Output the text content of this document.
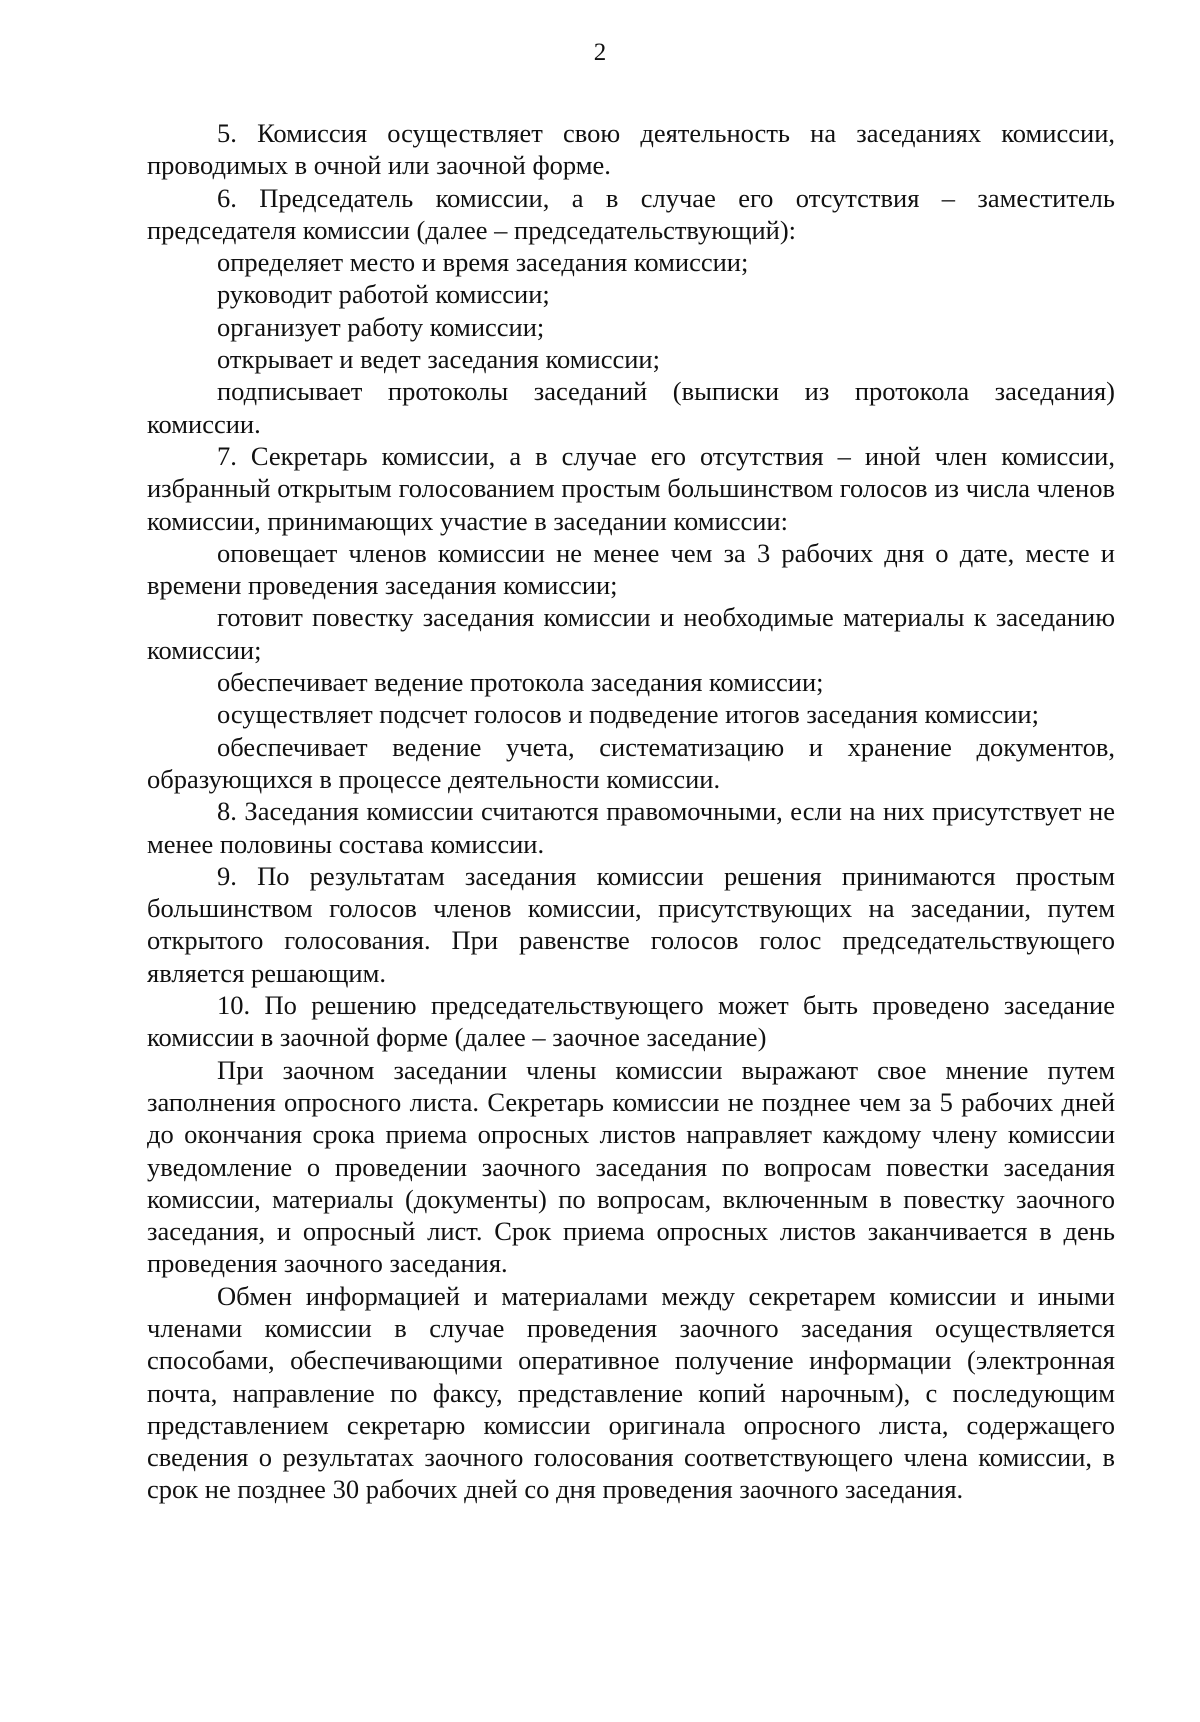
2

5. Комиссия осуществляет свою деятельность на заседаниях комиссии, проводимых в очной или заочной форме.

6. Председатель комиссии, а в случае его отсутствия – заместитель председателя комиссии (далее – председательствующий):

определяет место и время заседания комиссии;

руководит работой комиссии;

организует работу комиссии;

открывает и ведет заседания комиссии;

подписывает протоколы заседаний (выписки из протокола заседания) комиссии.

7. Секретарь комиссии, а в случае его отсутствия – иной член комиссии, избранный открытым голосованием простым большинством голосов из числа членов комиссии, принимающих участие в заседании комиссии:

оповещает членов комиссии не менее чем за 3 рабочих дня о дате, месте и времени проведения заседания комиссии;

готовит повестку заседания комиссии и необходимые материалы к заседанию комиссии;

обеспечивает ведение протокола заседания комиссии;

осуществляет подсчет голосов и подведение итогов заседания комиссии;

обеспечивает ведение учета, систематизацию и хранение документов, образующихся в процессе деятельности комиссии.

8. Заседания комиссии считаются правомочными, если на них присутствует не менее половины состава комиссии.

9. По результатам заседания комиссии решения принимаются простым большинством голосов членов комиссии, присутствующих на заседании, путем открытого голосования. При равенстве голосов голос председательствующего является решающим.

10. По решению председательствующего может быть проведено заседание комиссии в заочной форме (далее – заочное заседание)

При заочном заседании члены комиссии выражают свое мнение путем заполнения опросного листа. Секретарь комиссии не позднее чем за 5 рабочих дней до окончания срока приема опросных листов направляет каждому члену комиссии уведомление о проведении заочного заседания по вопросам повестки заседания комиссии, материалы (документы) по вопросам, включенным в повестку заочного заседания, и опросный лист. Срок приема опросных листов заканчивается в день проведения заочного заседания.

Обмен информацией и материалами между секретарем комиссии и иными членами комиссии в случае проведения заочного заседания осуществляется способами, обеспечивающими оперативное получение информации (электронная почта, направление по факсу, представление копий нарочным), с последующим представлением секретарю комиссии оригинала опросного листа, содержащего сведения о результатах заочного голосования соответствующего члена комиссии, в срок не позднее 30 рабочих дней со дня проведения заочного заседания.
